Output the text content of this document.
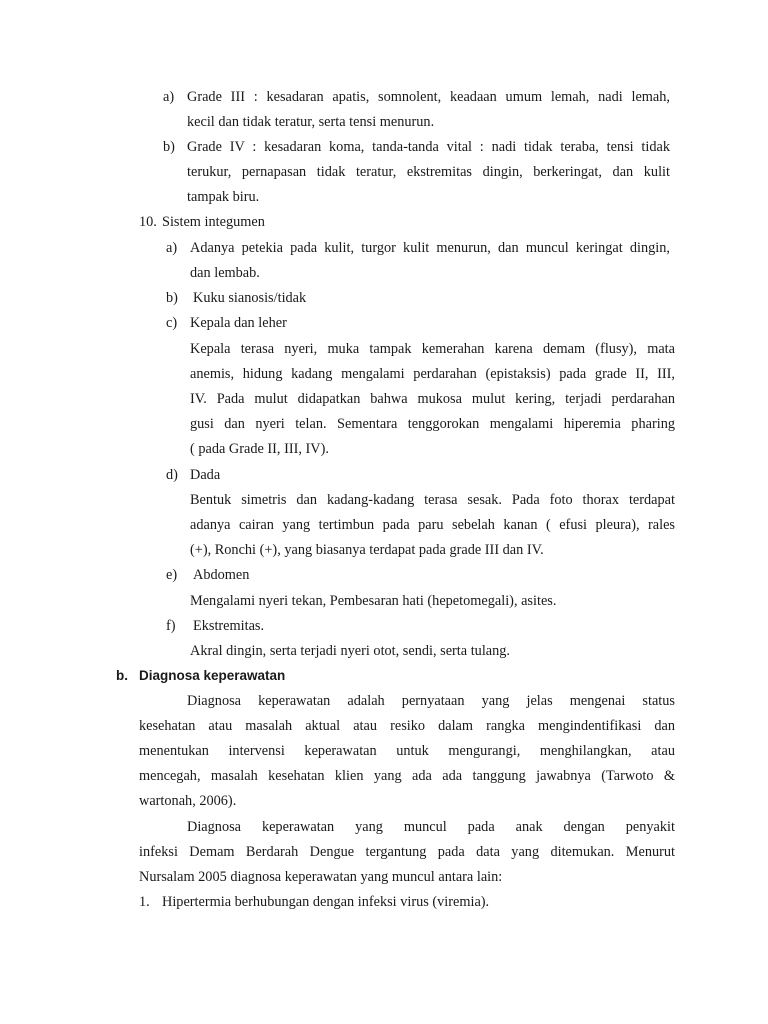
a) Grade III : kesadaran apatis, somnolent, keadaan umum lemah, nadi lemah,
kecil dan tidak teratur, serta tensi menurun.
b) Grade IV : kesadaran koma, tanda-tanda vital : nadi tidak teraba, tensi tidak
terukur, pernapasan tidak teratur, ekstremitas dingin, berkeringat, dan kulit
tampak biru.
10. Sistem integumen
a) Adanya petekia pada kulit, turgor kulit menurun, dan muncul keringat dingin,
dan lembab.
b) Kuku sianosis/tidak
c) Kepala dan leher
Kepala terasa nyeri, muka tampak kemerahan karena demam (flusy), mata
anemis, hidung kadang mengalami perdarahan (epistaksis) pada grade II, III,
IV. Pada mulut didapatkan bahwa mukosa mulut kering, terjadi perdarahan
gusi dan nyeri telan. Sementara tenggorokan mengalami hiperemia pharing
( pada Grade II, III, IV).
d) Dada
Bentuk simetris dan kadang-kadang terasa sesak. Pada foto thorax terdapat
adanya cairan yang tertimbun pada paru sebelah kanan ( efusi pleura), rales
(+), Ronchi (+), yang biasanya terdapat pada grade III dan IV.
e) Abdomen
Mengalami nyeri tekan, Pembesaran hati (hepetomegali), asites.
f) Ekstremitas.
Akral dingin, serta terjadi nyeri otot, sendi, serta tulang.
b. Diagnosa keperawatan
Diagnosa keperawatan adalah pernyataan yang jelas mengenai status
kesehatan atau masalah aktual atau resiko dalam rangka mengindentifikasi dan
menentukan intervensi keperawatan untuk mengurangi, menghilangkan, atau
mencegah, masalah kesehatan klien yang ada ada tanggung jawabnya (Tarwoto &
wartonah, 2006).
Diagnosa keperawatan yang muncul pada anak dengan penyakit
infeksi Demam Berdarah Dengue tergantung pada data yang ditemukan. Menurut
Nursalam 2005 diagnosa keperawatan yang muncul antara lain:
1. Hipertermia berhubungan dengan infeksi virus (viremia).
